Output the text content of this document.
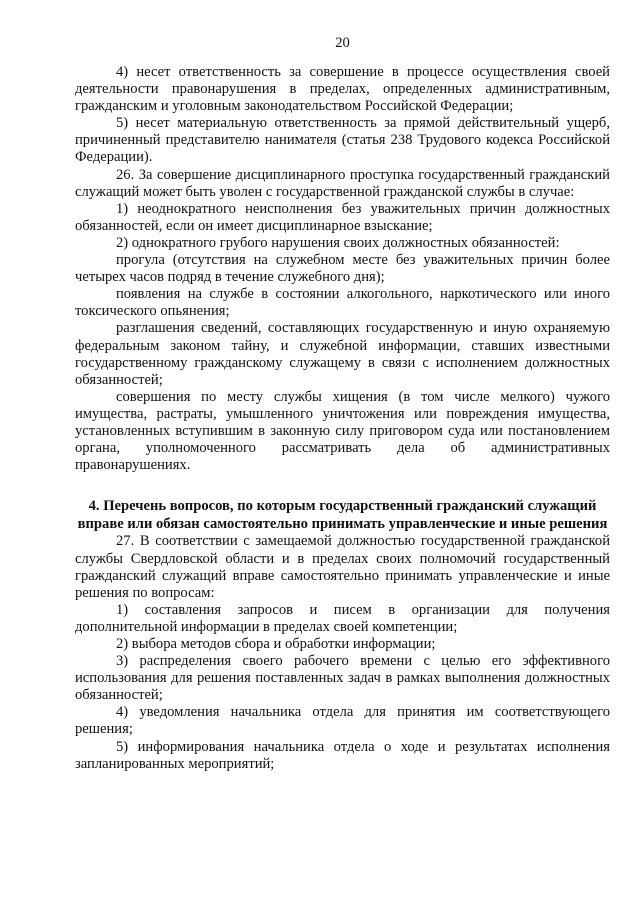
20

4) несет ответственность за совершение в процессе осуществления своей деятельности правонарушения в пределах, определенных административным, гражданским и уголовным законодательством Российской Федерации;

5) несет материальную ответственность за прямой действительный ущерб, причиненный представителю нанимателя (статья 238 Трудового кодекса Российской Федерации).

26. За совершение дисциплинарного проступка государственный гражданский служащий может быть уволен с государственной гражданской службы в случае:

1) неоднократного неисполнения без уважительных причин должностных обязанностей, если он имеет дисциплинарное взыскание;

2) однократного грубого нарушения своих должностных обязанностей:

прогула (отсутствия на служебном месте без уважительных причин более четырех часов подряд в течение служебного дня);

появления на службе в состоянии алкогольного, наркотического или иного токсического опьянения;

разглашения сведений, составляющих государственную и иную охраняемую федеральным законом тайну, и служебной информации, ставших известными государственному гражданскому служащему в связи с исполнением должностных обязанностей;

совершения по месту службы хищения (в том числе мелкого) чужого имущества, растраты, умышленного уничтожения или повреждения имущества, установленных вступившим в законную силу приговором суда или постановлением органа, уполномоченного рассматривать дела об административных правонарушениях.

4. Перечень вопросов, по которым государственный гражданский служащий вправе или обязан самостоятельно принимать управленческие и иные решения

27. В соответствии с замещаемой должностью государственной гражданской службы Свердловской области и в пределах своих полномочий государственный гражданский служащий вправе самостоятельно принимать управленческие и иные решения по вопросам:

1) составления запросов и писем в организации для получения дополнительной информации в пределах своей компетенции;

2) выбора методов сбора и обработки информации;

3) распределения своего рабочего времени с целью его эффективного использования для решения поставленных задач в рамках выполнения должностных обязанностей;

4) уведомления начальника отдела для принятия им соответствующего решения;

5) информирования начальника отдела о ходе и результатах исполнения запланированных мероприятий;
